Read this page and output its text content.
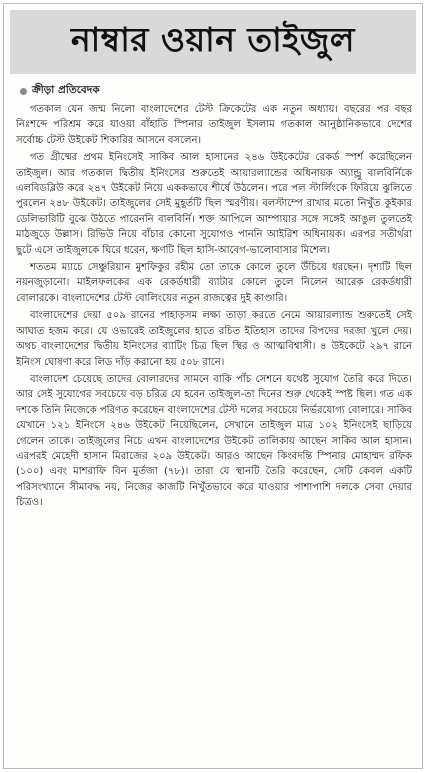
নাম্বার ওয়ান তাইজুল
ক্রীড়া প্রতিবেদক

গতকাল যেন জন্ম নিলো বাংলাদেশের টেস্ট ক্রিকেটের এক নতুন অধ্যায়। বছরের পর বছর নিঃশব্দে পরিশ্রম করে যাওয়া বাঁহাতি স্পিনার তাইজুল ইসলাম গতকাল আনুষ্ঠানিকভাবে দেশের সর্বোচ্চ টেস্ট উইকেট শিকারির আসনে বসলেন।

গত গ্রীষ্মের প্রথম ইনিংসেই সাকিব আল হাসানের ২৪৬ উইকেটের রেকর্ড স্পর্শ করেছিলেন তাইজুল। আর গতকাল দ্বিতীয় ইনিংসের শুরুতেই আয়ারল্যান্ডের অধিনায়ক অ্যান্ড্রু বালবির্নিকে এলবিডব্লিউ করে ২৪৭ উইকেট নিয়ে এককভাবে শীর্ষে উঠলেন। পরে পল স্টার্লিংকে ফিরিয়ে ঝুলিতে পুরলেন ২৪৮ উইকেট। তাইজুলের সেই মুহূর্তটি ছিল স্মরণীয়। বলস্টাম্পে রাখার মতো নিখুঁত কুইকার ডেলিভারিটি বুঝে উঠতে পারেননি বালবির্নি। শক্ত আপিলে আম্পায়ার সঙ্গে সঙ্গেই আঙুল তুলতেই মাঠজুড়ে উল্লাস। রিভিউ নিয়ে বাঁচার কোনো সুযোগও পাননি আইরিশ অধিনায়ক। এরপর সতীর্থরা ছুটে এসে তাইজুলকে ঘিরে ধরেন, ক্ষণটি ছিল হাসি-আবেগ-ভালোবাসার মিশেল।

শততম ম্যাচে সেঞ্চুরিয়ান মুশফিকুর রহীম তো তাকে কোলে তুলে উঁচিয়ে ধরছেন। দৃশ্যটি ছিল নয়নজুড়ানো। মাইলফলকের এক রেকর্ডধারী ব্যাটার কোলে তুলে নিলেন আরেক রেকর্ডধারী বোলারকে। বাংলাদেশের টেস্ট বোলিংয়ের নতুন রাজত্বের দুই কাণ্ডারি।

বাংলাদেশের দেয়া ৫০৯ রানের পাহাড়সম লক্ষ্য তাড়া করতে নেমে আয়ারল্যান্ড শুরুতেই সেই আঘাত হজম করে। যে ওভারেই তাইজুলের হাতে রচিত ইতিহাস তাদের বিপদের দরজা খুলে দেয়। অথচ বাংলাদেশের দ্বিতীয় ইনিংসের ব্যাটিং চিত্র ছিল স্থির ও আত্মবিশ্বাসী। ৪ উইকেটে ২৯৭ রানে ইনিংস ঘোষণা করে লিড দাঁড় করানো হয় ৫০৮ রানে।

বাংলাদেশ চেয়েছে তাদের বোলারদের সামনে বাকি পাঁচ সেশনে যথেষ্ট সুযোগ তৈরি করে দিতে। আর সেই সুযোগের সবচেয়ে বড় চরিত্র যে হবেন তাইজুল-তা দিনের শুরু থেকেই স্পষ্ট ছিল। গত এক দশকে তিনি নিজেকে পরিণত করেছেন বাংলাদেশের টেস্ট দলের সবচেয়ে নির্ভরযোগ্য বোলারে। সাকিব যেখানে ১২১ ইনিংসে ২৪৬ উইকেট নিয়েছিলেন, সেখানে তাইজুল মাত্র ১০২ ইনিংসেই ছাড়িয়ে গেলেন তাকে। তাইজুলের নিচে এখন বাংলাদেশের উইকেট তালিকায় আছেন সাকিব আল হাসান। এরপরই মেহেদী হাসান মিরাজের ২০৯ উইকেট। আরও আছেন কিংবদন্তি স্পিনার মোহাম্মদ রফিক (১০০) এবং মাশরাফি বিন মুর্তজা (৭৮)। তারা যে স্থানটি তৈরি করেছেন, সেটি কেবল একটি পরিসংখ্যানে সীমাবদ্ধ নয়, নিজের কাজটি নিখুঁতভাবে করে যাওয়ার পাশাপাশি দলকে সেবা দেয়ার চিত্রও।
